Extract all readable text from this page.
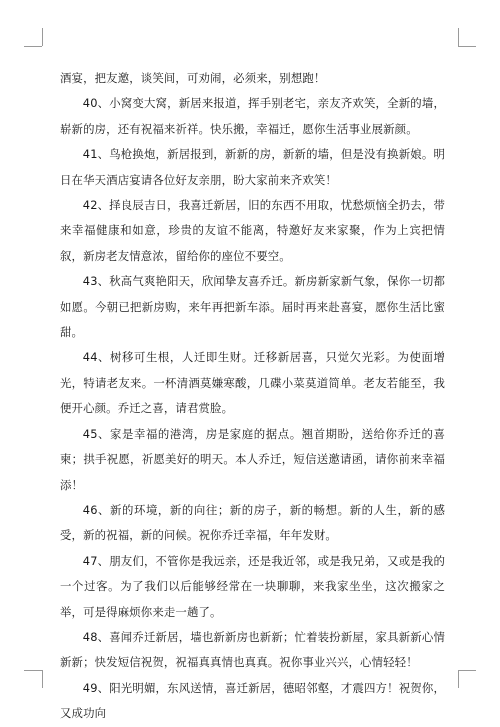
酒宴，把友邀，谈笑间，可劝闹，必须来，别想跑！

40、小窝变大窝，新居来报道，挥手别老宅，亲友齐欢笑，全新的墙，崭新的房，还有祝福来祈祥。快乐搬，幸福迁，愿你生活事业展新颜。

41、鸟枪换炮，新居报到，新新的房，新新的墙，但是没有换新娘。明日在华天酒店宴请各位好友亲朋，盼大家前来齐欢笑！

42、择良辰吉日，我喜迁新居，旧的东西不用取，忧愁烦恼全扔去，带来幸福健康和如意，珍贵的友谊不能离，特邀好友来家聚，作为上宾把情叙，新房老友情意浓，留给你的座位不要空。

43、秋高气爽艳阳天，欣闻挚友喜乔迁。新房新家新气象，保你一切都如愿。今朝已把新房购，来年再把新车添。届时再来赴喜宴，愿你生活比蜜甜。

44、树移可生根，人迁即生财。迁移新居喜，只觉欠光彩。为使面增光，特请老友来。一杯清酒莫嫌寒酸，几碟小菜莫道简单。老友若能至，我便开心颜。乔迁之喜，请君赏脸。

45、家是幸福的港湾，房是家庭的据点。翘首期盼，送给你乔迁的喜柬；拱手祝愿，祈愿美好的明天。本人乔迁，短信送邀请函，请你前来幸福添！

46、新的环境，新的向往；新的房子，新的畅想。新的人生，新的感受，新的祝福，新的问候。祝你乔迁幸福，年年发财。

47、朋友们，不管你是我远亲，还是我近邻，或是我兄弟，又或是我的一个过客。为了我们以后能够经常在一块聊聊，来我家坐坐，这次搬家之举，可是得麻烦你来走一趟了。

48、喜闻乔迁新居，墙也新新房也新新；忙着装扮新屋，家具新新心情新新；快发短信祝贺，祝福真真情也真真。祝你事业兴兴，心情轻轻！

49、阳光明媚，东风送情，喜迁新居，德昭邻壑，才震四方！祝贺你，又成功向
